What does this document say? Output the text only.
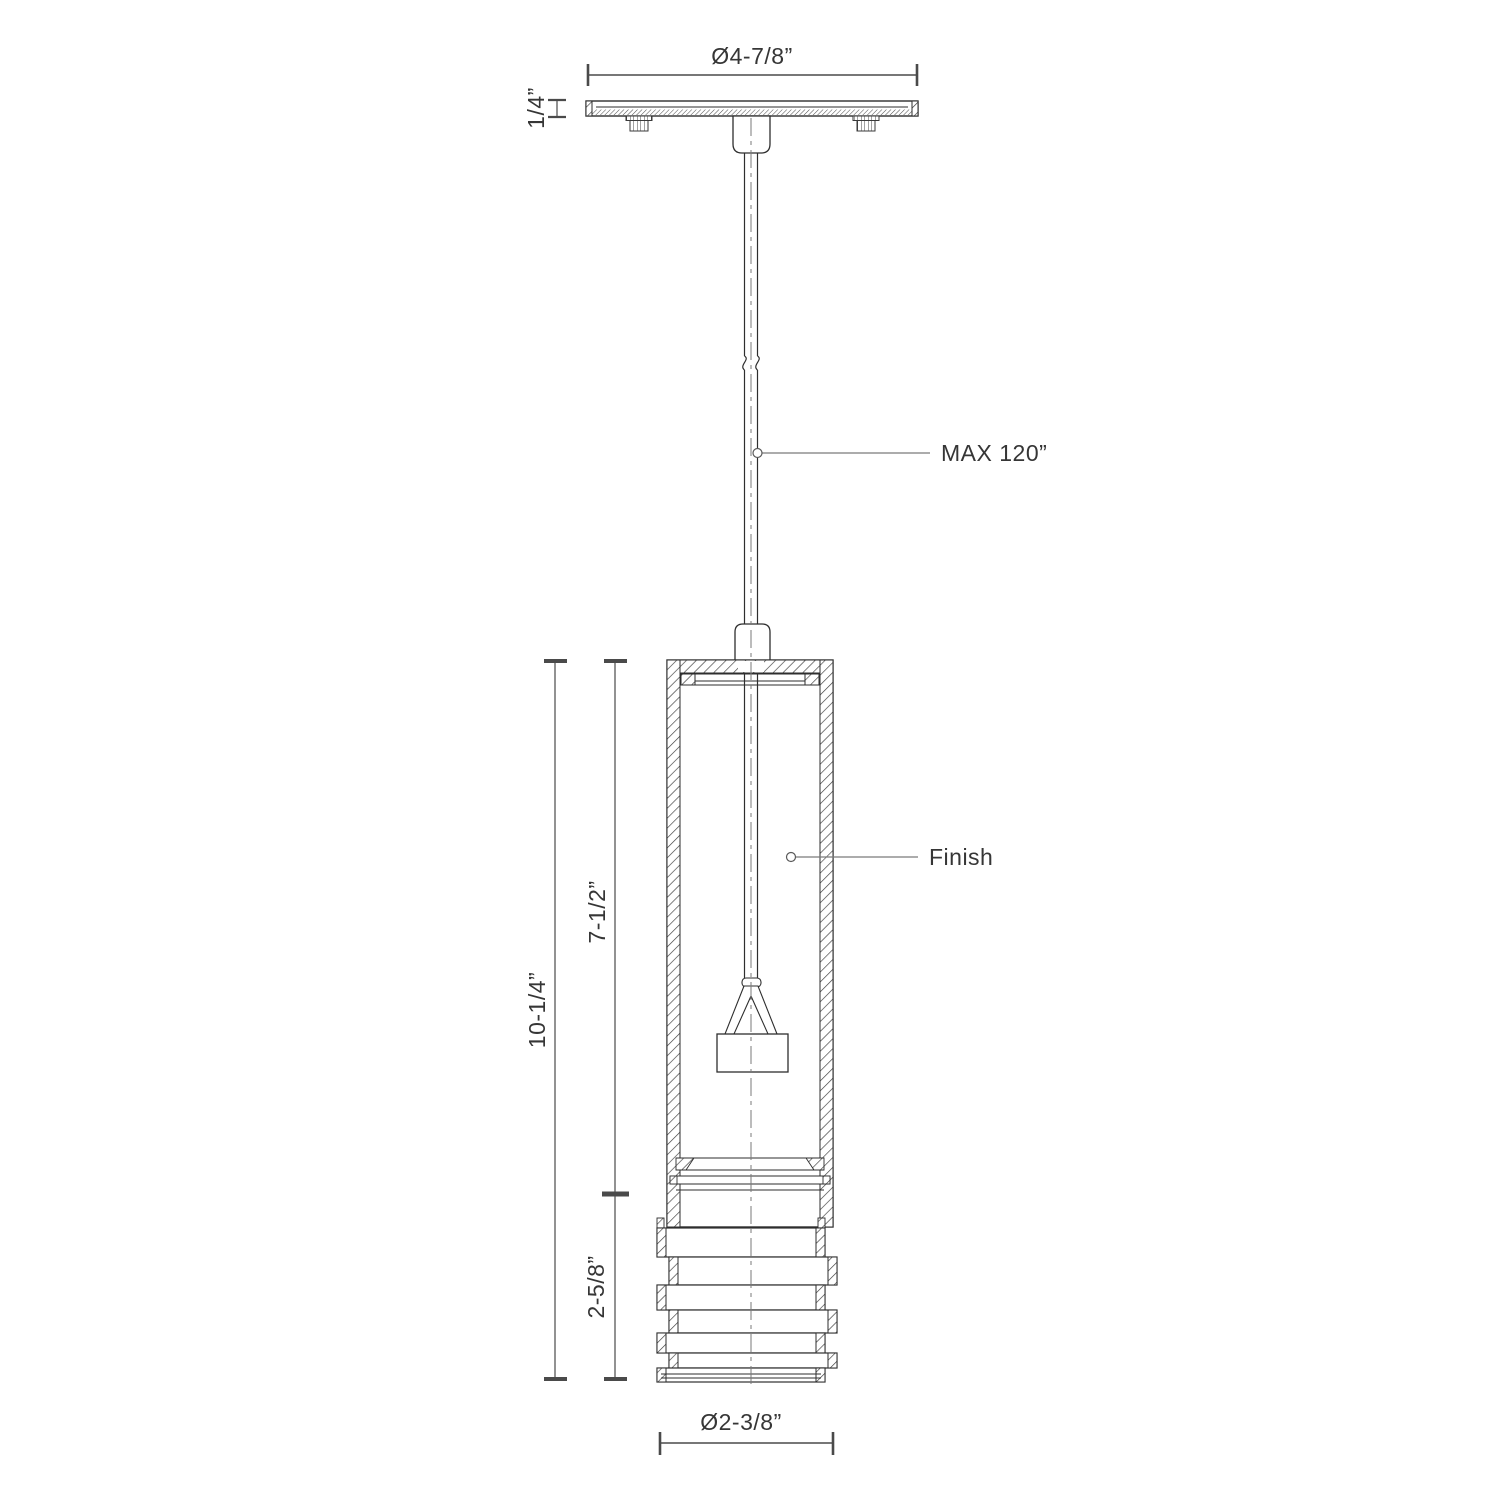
Ø4-7/8”
1/4”
MAX 120”
Finish
10-1/4”
7-1/2”
2-5/8”
Ø2-3/8”
